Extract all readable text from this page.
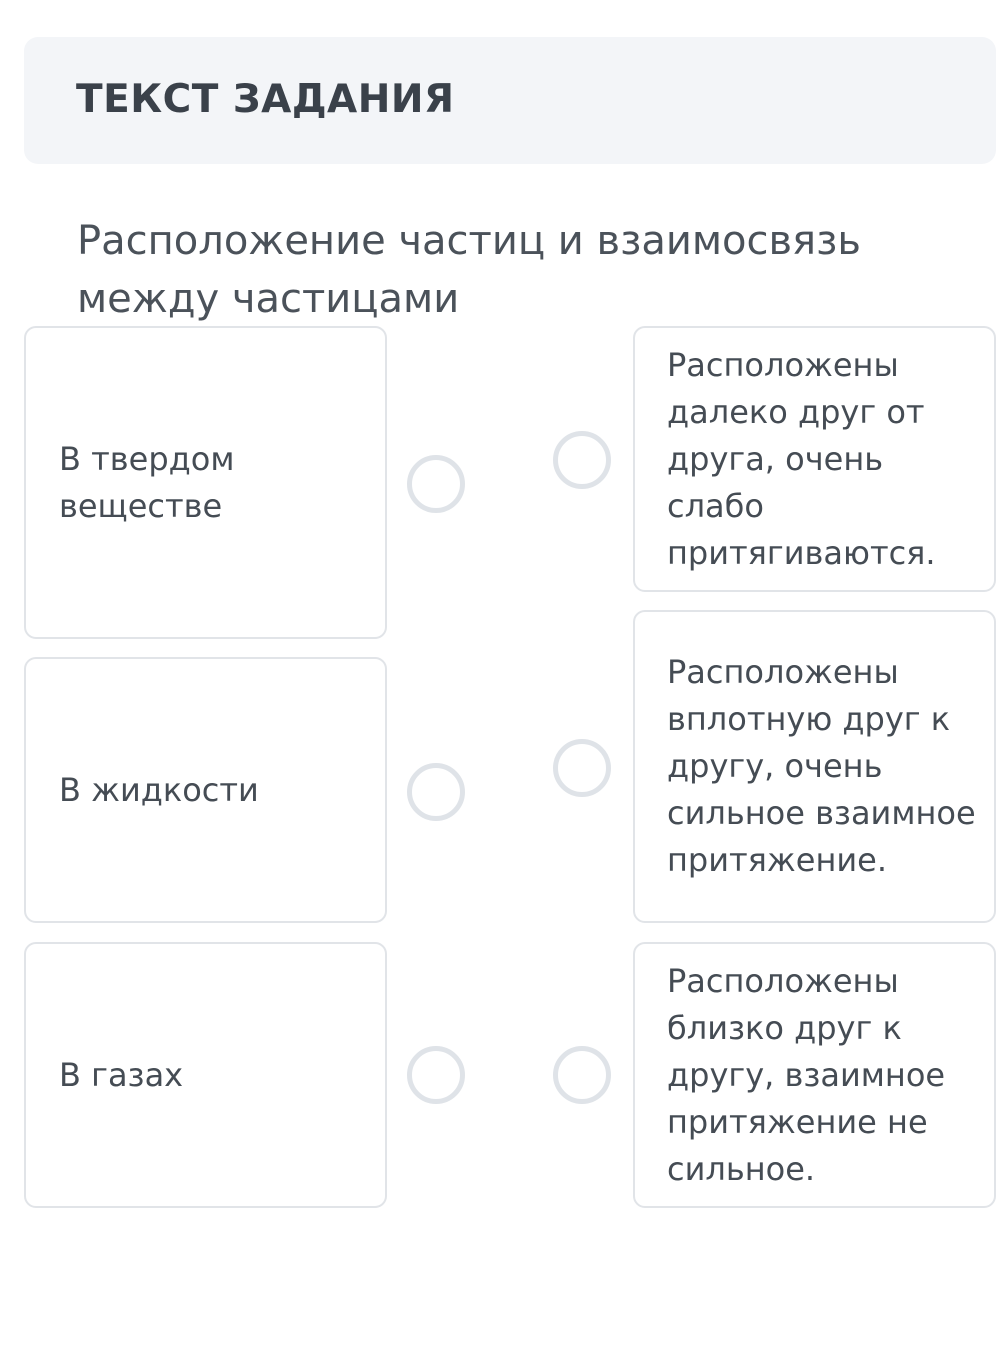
ТЕКСТ ЗАДАНИЯ
Расположение частиц и взаимосвязь между частицами
В твердом веществе
В жидкости
В газах
Расположены далеко друг от друга, очень слабо притягиваются.
Расположены вплотную друг к другу, очень сильное взаимное притяжение.
Расположены близко друг к другу, взаимное притяжение не сильное.
